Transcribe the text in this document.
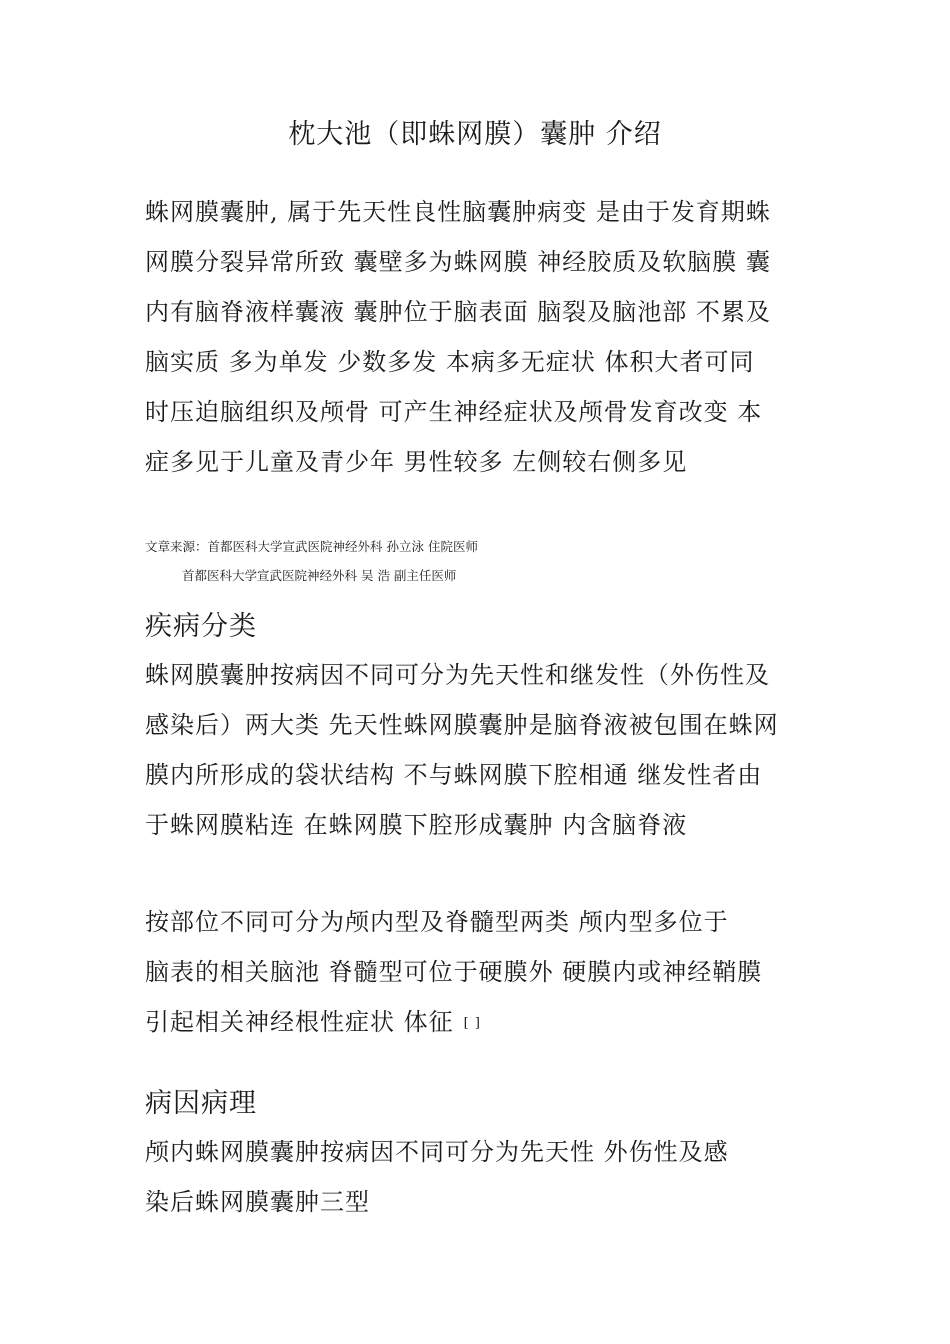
枕大池（即蛛网膜）囊肿 介绍

蛛网膜囊肿, 属于先天性良性脑囊肿病变 是由于发育期蛛
网膜分裂异常所致 囊壁多为蛛网膜 神经胶质及软脑膜 囊
内有脑脊液样囊液 囊肿位于脑表面 脑裂及脑池部 不累及
脑实质 多为单发 少数多发 本病多无症状 体积大者可同
时压迫脑组织及颅骨 可产生神经症状及颅骨发育改变 本
症多见于儿童及青少年 男性较多 左侧较右侧多见

文章来源：首都医科大学宣武医院神经外科 孙立泳 住院医师
首都医科大学宣武医院神经外科 吴 浩 副主任医师

疾病分类

蛛网膜囊肿按病因不同可分为先天性和继发性（外伤性及
感染后）两大类 先天性蛛网膜囊肿是脑脊液被包围在蛛网
膜内所形成的袋状结构 不与蛛网膜下腔相通 继发性者由
于蛛网膜粘连 在蛛网膜下腔形成囊肿 内含脑脊液

按部位不同可分为颅内型及脊髓型两类 颅内型多位于
脑表的相关脑池 脊髓型可位于硬膜外 硬膜内或神经鞘膜
引起相关神经根性症状 体征 [ ]

病因病理

颅内蛛网膜囊肿按病因不同可分为先天性 外伤性及感
染后蛛网膜囊肿三型
